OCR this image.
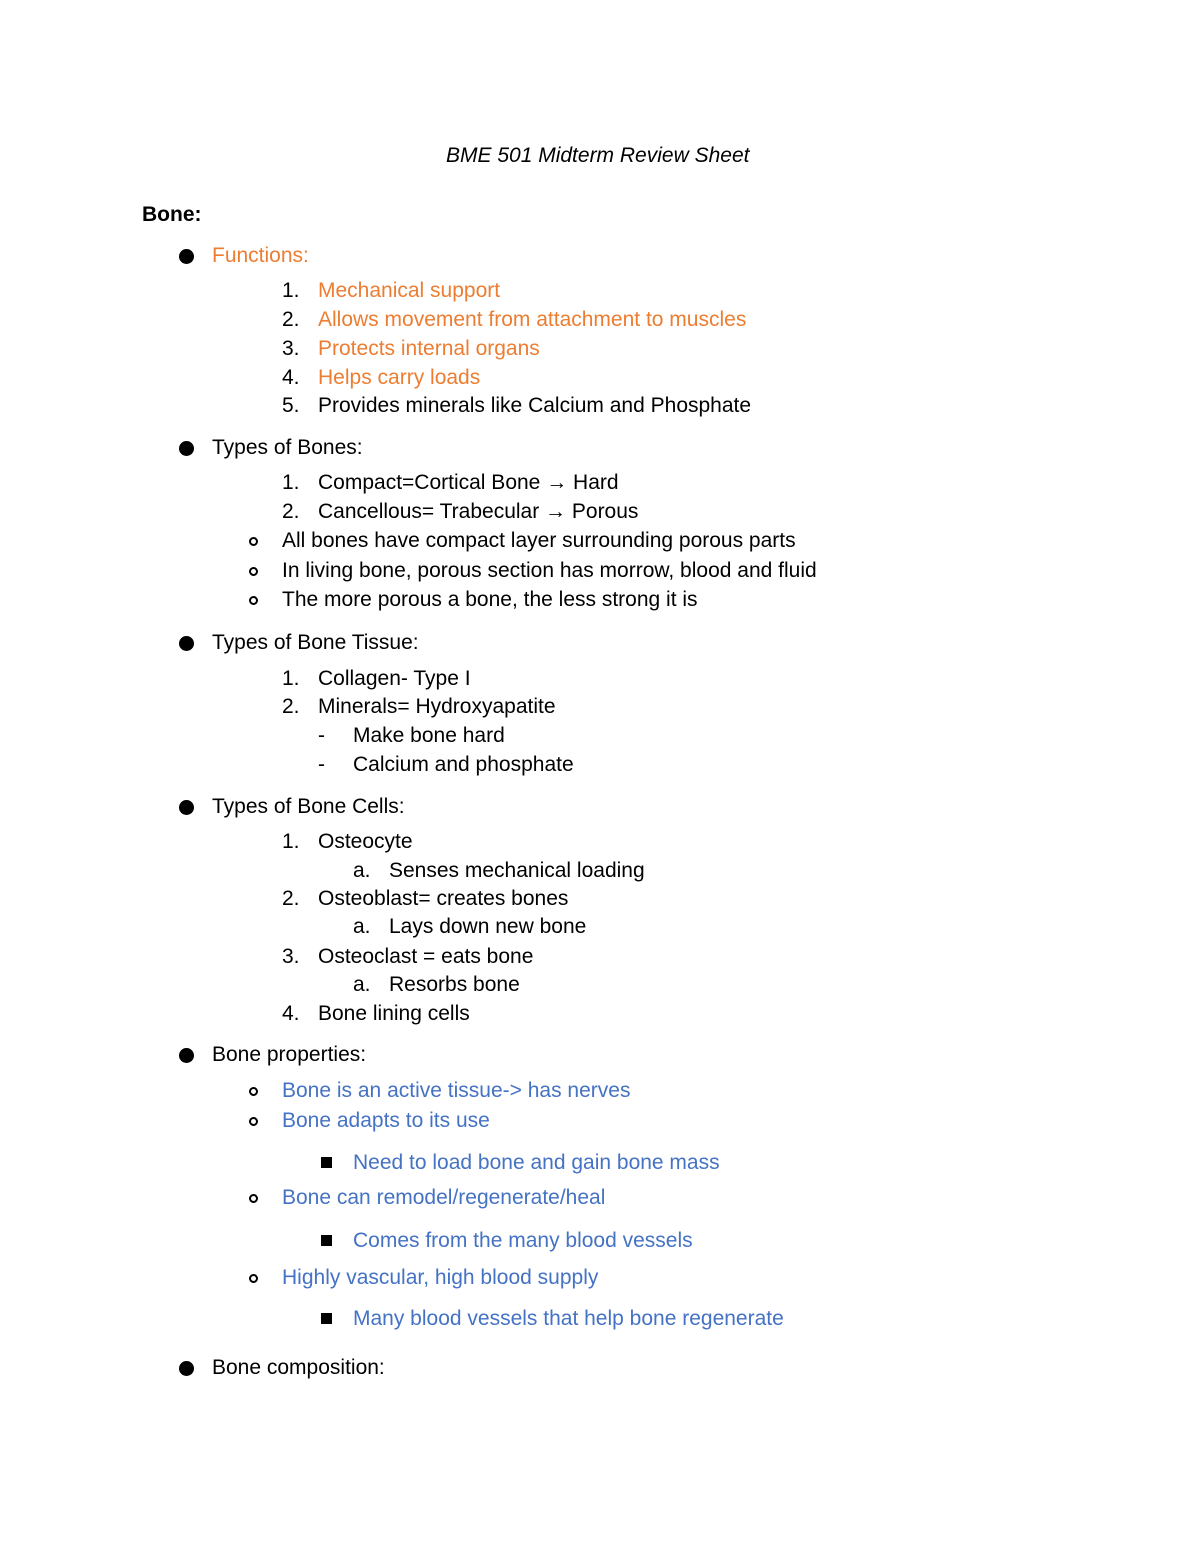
BME 501 Midterm Review Sheet
Bone:
Functions:
1. Mechanical support
2. Allows movement from attachment to muscles
3. Protects internal organs
4. Helps carry loads
5. Provides minerals like Calcium and Phosphate
Types of Bones:
1. Compact=Cortical Bone → Hard
2. Cancellous= Trabecular → Porous
All bones have compact layer surrounding porous parts
In living bone, porous section has morrow, blood and fluid
The more porous a bone, the less strong it is
Types of Bone Tissue:
1. Collagen- Type I
2. Minerals= Hydroxyapatite
- Make bone hard
- Calcium and phosphate
Types of Bone Cells:
1. Osteocyte
a. Senses mechanical loading
2. Osteoblast= creates bones
a. Lays down new bone
3. Osteoclast = eats bone
a. Resorbs bone
4. Bone lining cells
Bone properties:
Bone is an active tissue-> has nerves
Bone adapts to its use
Need to load bone and gain bone mass
Bone can remodel/regenerate/heal
Comes from the many blood vessels
Highly vascular, high blood supply
Many blood vessels that help bone regenerate
Bone composition:
